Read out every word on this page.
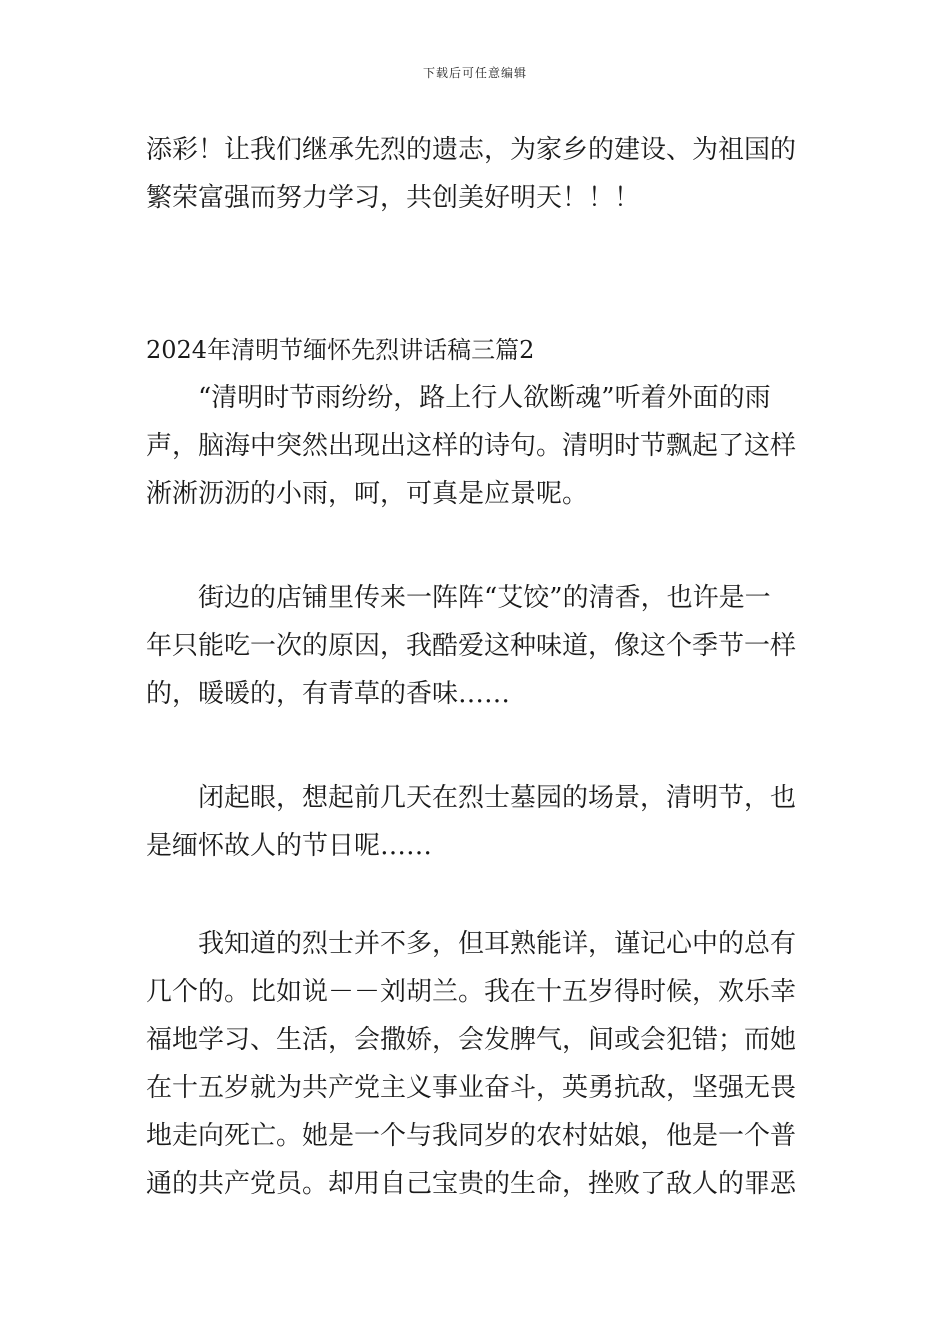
下载后可任意编辑
添彩！让我们继承先烈的遗志，为家乡的建设、为祖国的
繁荣富强而努力学习，共创美好明天！！！
2024年清明节缅怀先烈讲话稿三篇2
　　“清明时节雨纷纷，路上行人欲断魂”听着外面的雨
声，脑海中突然出现出这样的诗句。清明时节飘起了这样
淅淅沥沥的小雨，呵，可真是应景呢。
　　街边的店铺里传来一阵阵“艾饺”的清香，也许是一
年只能吃一次的原因，我酷爱这种味道，像这个季节一样
的，暖暖的，有青草的香味……
　　闭起眼，想起前几天在烈士墓园的场景，清明节，也
是缅怀故人的节日呢……
　　我知道的烈士并不多，但耳熟能详，谨记心中的总有
几个的。比如说－－刘胡兰。我在十五岁得时候，欢乐幸
福地学习、生活，会撒娇，会发脾气，间或会犯错；而她
在十五岁就为共产党主义事业奋斗，英勇抗敌，坚强无畏
地走向死亡。她是一个与我同岁的农村姑娘，他是一个普
通的共产党员。却用自己宝贵的生命，挫败了敌人的罪恶
